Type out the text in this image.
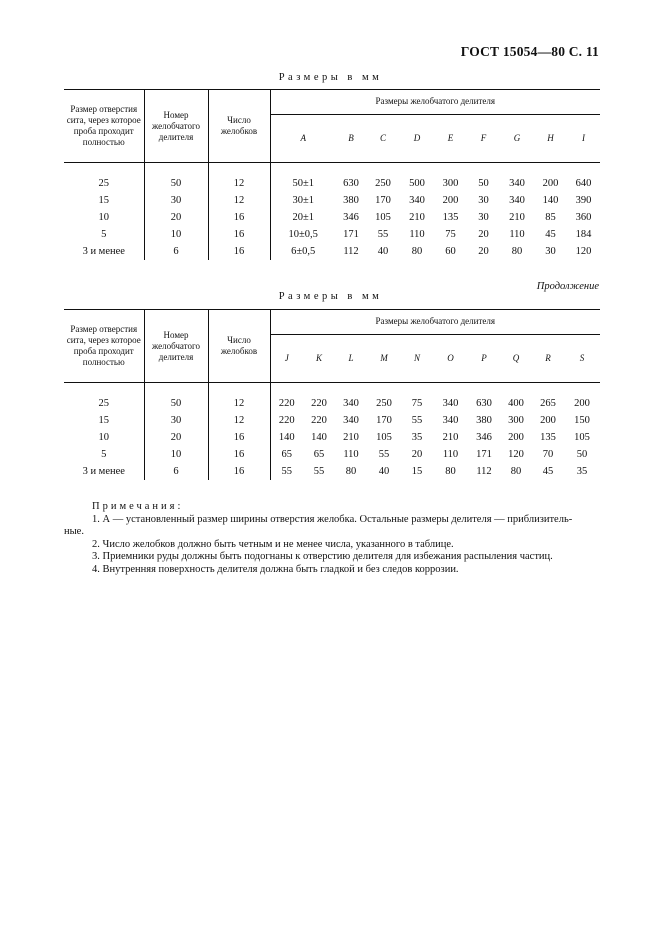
ГОСТ 15054—80 С. 11
Размеры в мм
Размер отверстия сита, через которое проба проходит полностью	Номер желобчатого делителя	Число желобков	Размеры желобчатого делителя								
			A	B	C	D	E	F	G	H	I
25	50	12	50±1	630	250	500	300	50	340	200	640
15	30	12	30±1	380	170	340	200	30	340	140	390
10	20	16	20±1	346	105	210	135	30	210	85	360
5	10	16	10±0,5	171	55	110	75	20	110	45	184
3 и менее	6	16	6±0,5	112	40	80	60	20	80	30	120
Продолжение
Размеры в мм
Размер отверстия сита, через которое проба проходит полностью	Номер желобчатого делителя	Число желобков	Размеры желобчатого делителя									
			J	K	L	M	N	O	P	Q	R	S
25	50	12	220	220	340	250	75	340	630	400	265	200
15	30	12	220	220	340	170	55	340	380	300	200	150
10	20	16	140	140	210	105	35	210	346	200	135	105
5	10	16	65	65	110	55	20	110	171	120	70	50
3 и менее	6	16	55	55	80	40	15	80	112	80	45	35
Примечания:
1. А — установленный размер ширины отверстия желобка. Остальные размеры делителя — приблизитель-
ные.
2. Число желобков должно быть четным и не менее числа, указанного в таблице.
3. Приемники руды должны быть подогнаны к отверстию делителя для избежания распыления частиц.
4. Внутренняя поверхность делителя должна быть гладкой и без следов коррозии.
